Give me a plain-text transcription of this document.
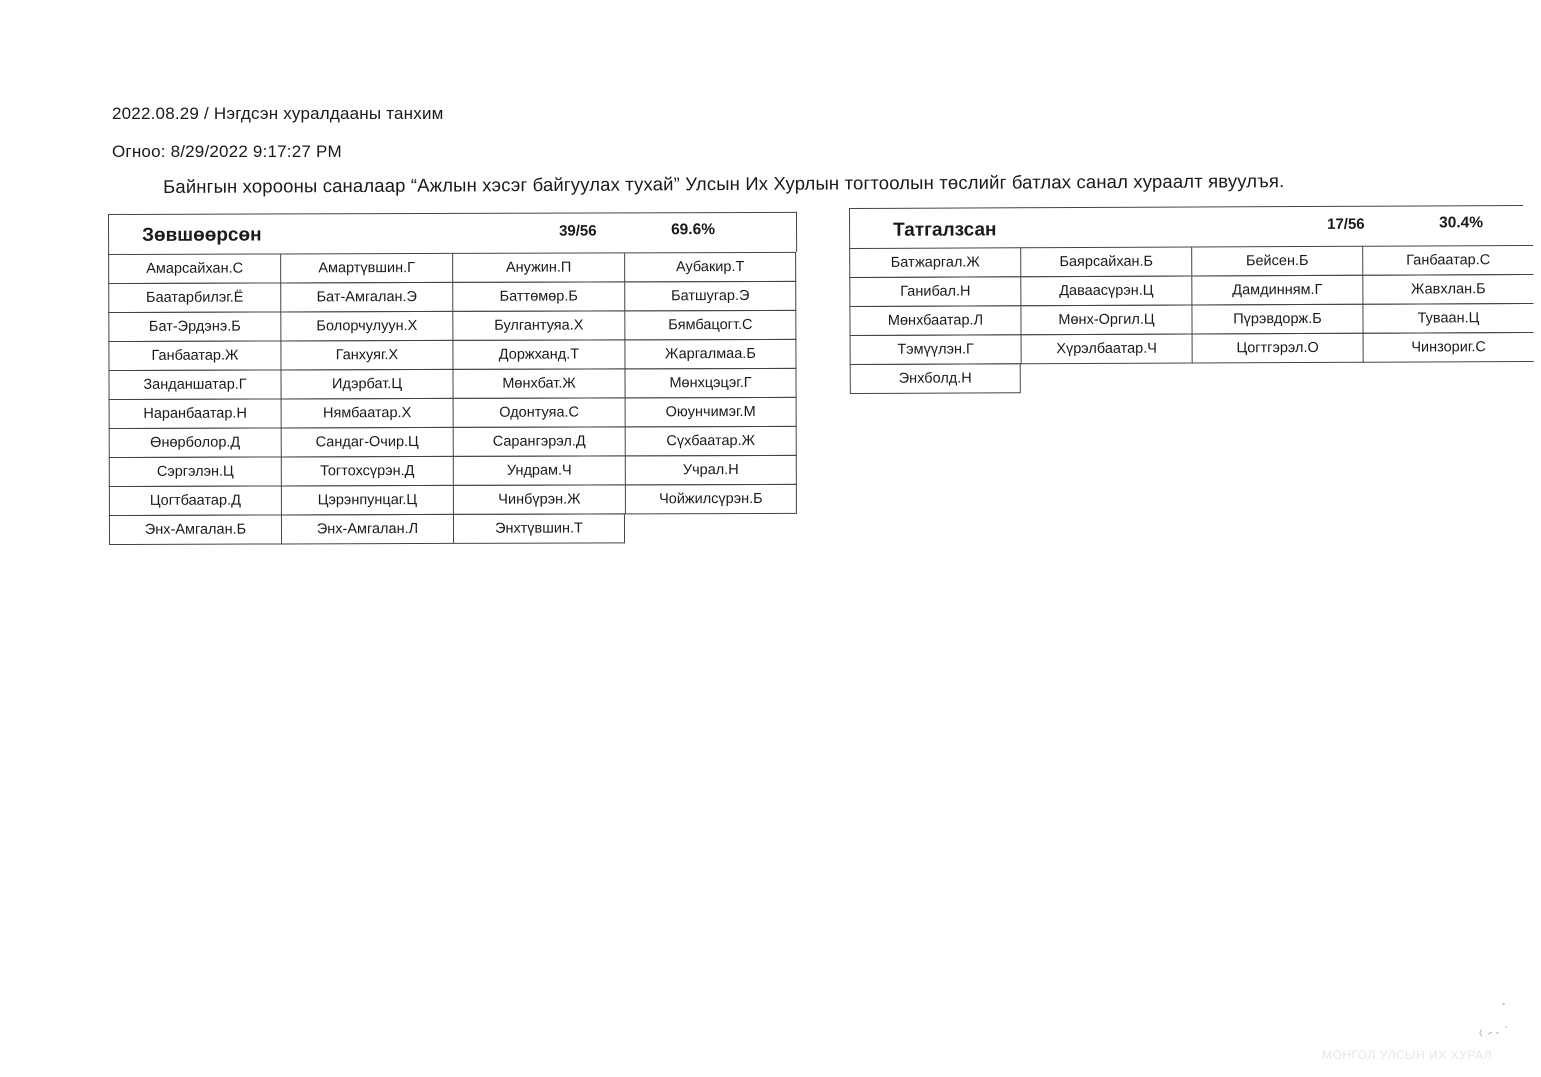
2022.08.29 / Нэгдсэн хуралдааны танхим
Огноо: 8/29/2022 9:17:27 PM
Байнгын хорооны саналаар “Ажлын хэсэг байгуулах тухай” Улсын Их Хурлын тогтоолын төслийг батлах санал хураалт явуулъя.
Зөвшөөрсөн	39/56	69.6%
Амарсайхан.С	Амартүвшин.Г	Анужин.П	Аубакир.Т
Баатарбилэг.Ё	Бат-Амгалан.Э	Баттөмөр.Б	Батшугар.Э
Бат-Эрдэнэ.Б	Болорчулуун.Х	Булгантуяа.Х	Бямбацогт.С
Ганбаатар.Ж	Ганхуяг.Х	Доржханд.Т	Жаргалмаа.Б
Занданшатар.Г	Идэрбат.Ц	Мөнхбат.Ж	Мөнхцэцэг.Г
Наранбаатар.Н	Нямбаатар.Х	Одонтуяа.С	Оюунчимэг.М
Өнөрболор.Д	Сандаг-Очир.Ц	Сарангэрэл.Д	Сүхбаатар.Ж
Сэргэлэн.Ц	Тогтохсүрэн.Д	Ундрам.Ч	Учрал.Н
Цогтбаатар.Д	Цэрэнпунцаг.Ц	Чинбүрэн.Ж	Чойжилсүрэн.Б
Энх-Амгалан.Б	Энх-Амгалан.Л	Энхтүвшин.Т
Татгалзсан	17/56	30.4%
Батжаргал.Ж	Баярсайхан.Б	Бейсен.Б	Ганбаатар.С
Ганибал.Н	Даваасүрэн.Ц	Дамдинням.Г	Жавхлан.Б
Мөнхбаатар.Л	Мөнх-Оргил.Ц	Пүрэвдорж.Б	Туваан.Ц
Тэмүүлэн.Г	Хүрэлбаатар.Ч	Цогтгэрэл.О	Чинзориг.С
Энхболд.Н
МОНГОЛ УЛСЫН ИХ ХУРАЛ
